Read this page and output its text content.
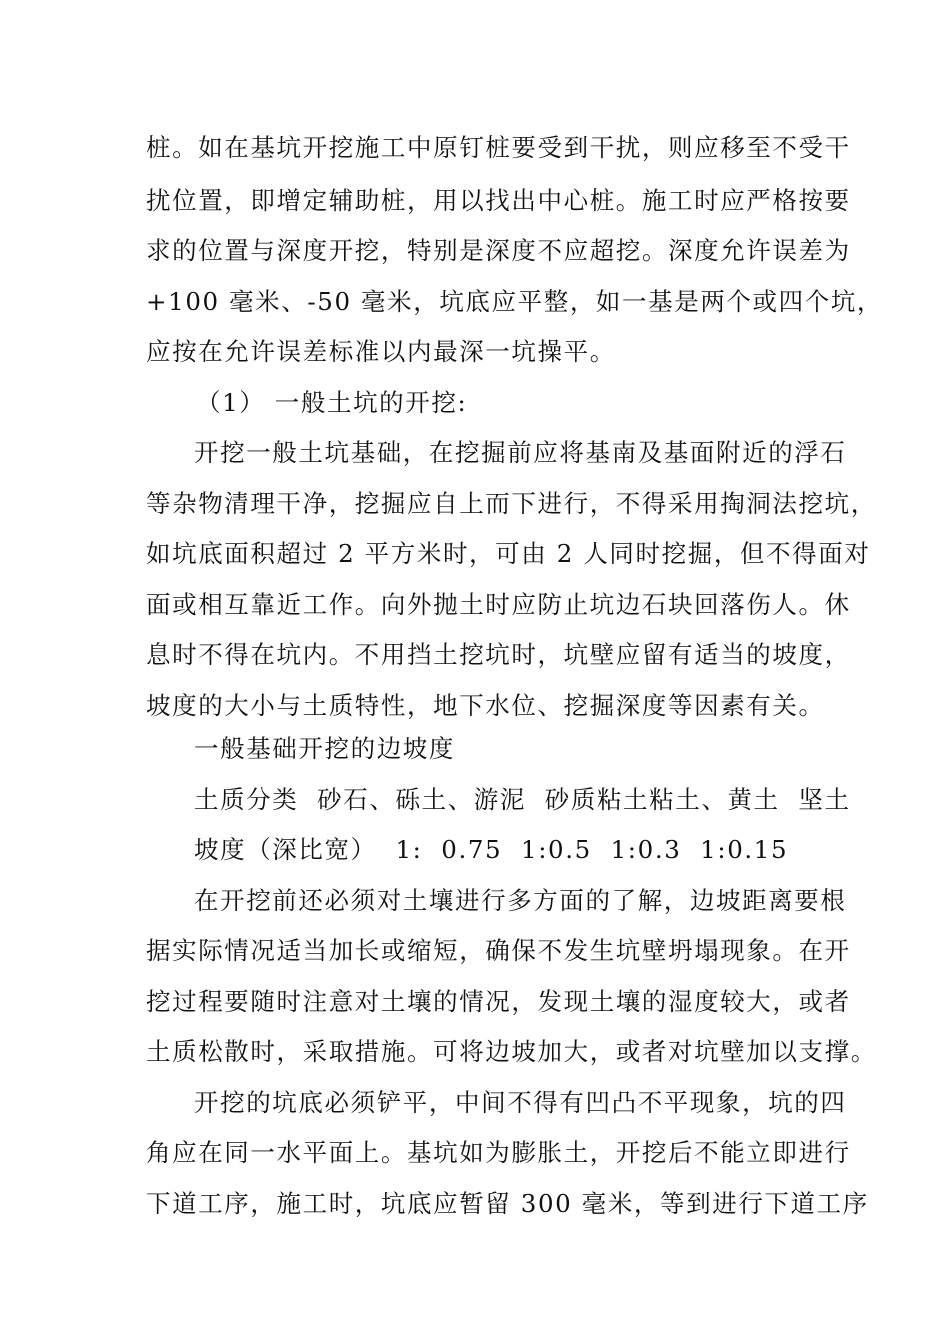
桩。如在基坑开挖施工中原钉桩要受到干扰，则应移至不受干
扰位置，即增定辅助桩，用以找出中心桩。施工时应严格按要
求的位置与深度开挖，特别是深度不应超挖。深度允许误差为
+100 毫米、-50 毫米，坑底应平整，如一基是两个或四个坑，
应按在允许误差标准以内最深一坑操平。
（1） 一般土坑的开挖:
开挖一般土坑基础，在挖掘前应将基南及基面附近的浮石
等杂物清理干净，挖掘应自上而下进行，不得采用掏洞法挖坑，
如坑底面积超过 2 平方米时，可由 2 人同时挖掘，但不得面对
面或相互靠近工作。向外抛土时应防止坑边石块回落伤人。休
息时不得在坑内。不用挡土挖坑时，坑壁应留有适当的坡度，
坡度的大小与土质特性，地下水位、挖掘深度等因素有关。
一般基础开挖的边坡度
土质分类  砂石、砾土、游泥  砂质粘土粘土、黄土  坚土
坡度（深比宽）  1:  0.75  1:0.5  1:0.3  1:0.15
在开挖前还必须对土壤进行多方面的了解，边坡距离要根
据实际情况适当加长或缩短，确保不发生坑壁坍塌现象。在开
挖过程要随时注意对土壤的情况，发现土壤的湿度较大，或者
土质松散时，采取措施。可将边坡加大，或者对坑壁加以支撑。
开挖的坑底必须铲平，中间不得有凹凸不平现象，坑的四
角应在同一水平面上。基坑如为膨胀土，开挖后不能立即进行
下道工序，施工时，坑底应暂留 300 毫米，等到进行下道工序
